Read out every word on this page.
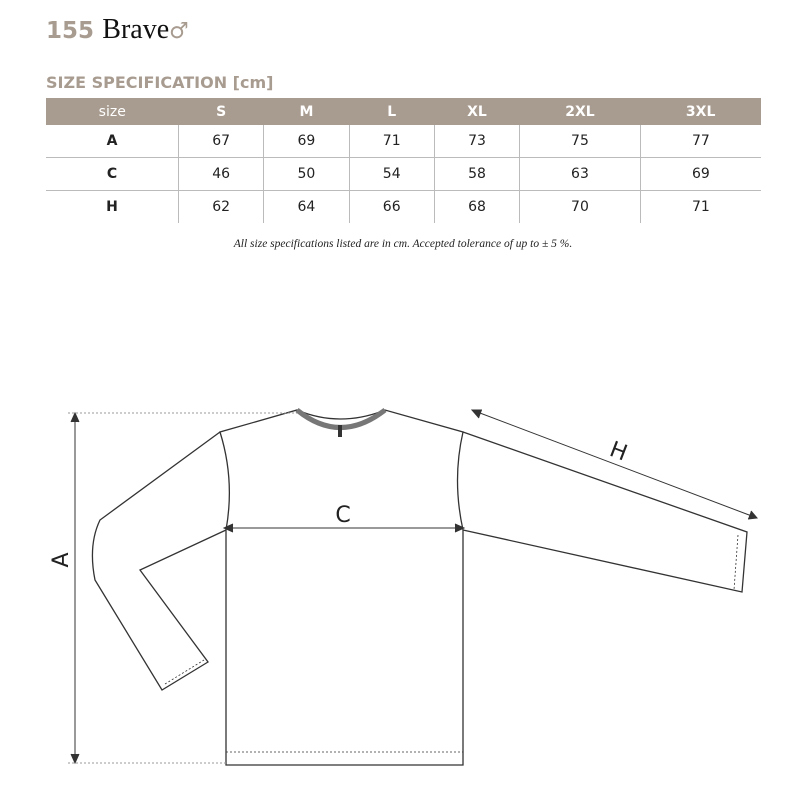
155 Brave♂
SIZE SPECIFICATION [cm]
size	S	M	L	XL	2XL	3XL
A	67	69	71	73	75	77
C	46	50	54	58	63	69
H	62	64	66	68	70	71
All size specifications listed are in cm. Accepted tolerance of up to ± 5 %.
A
C
H
